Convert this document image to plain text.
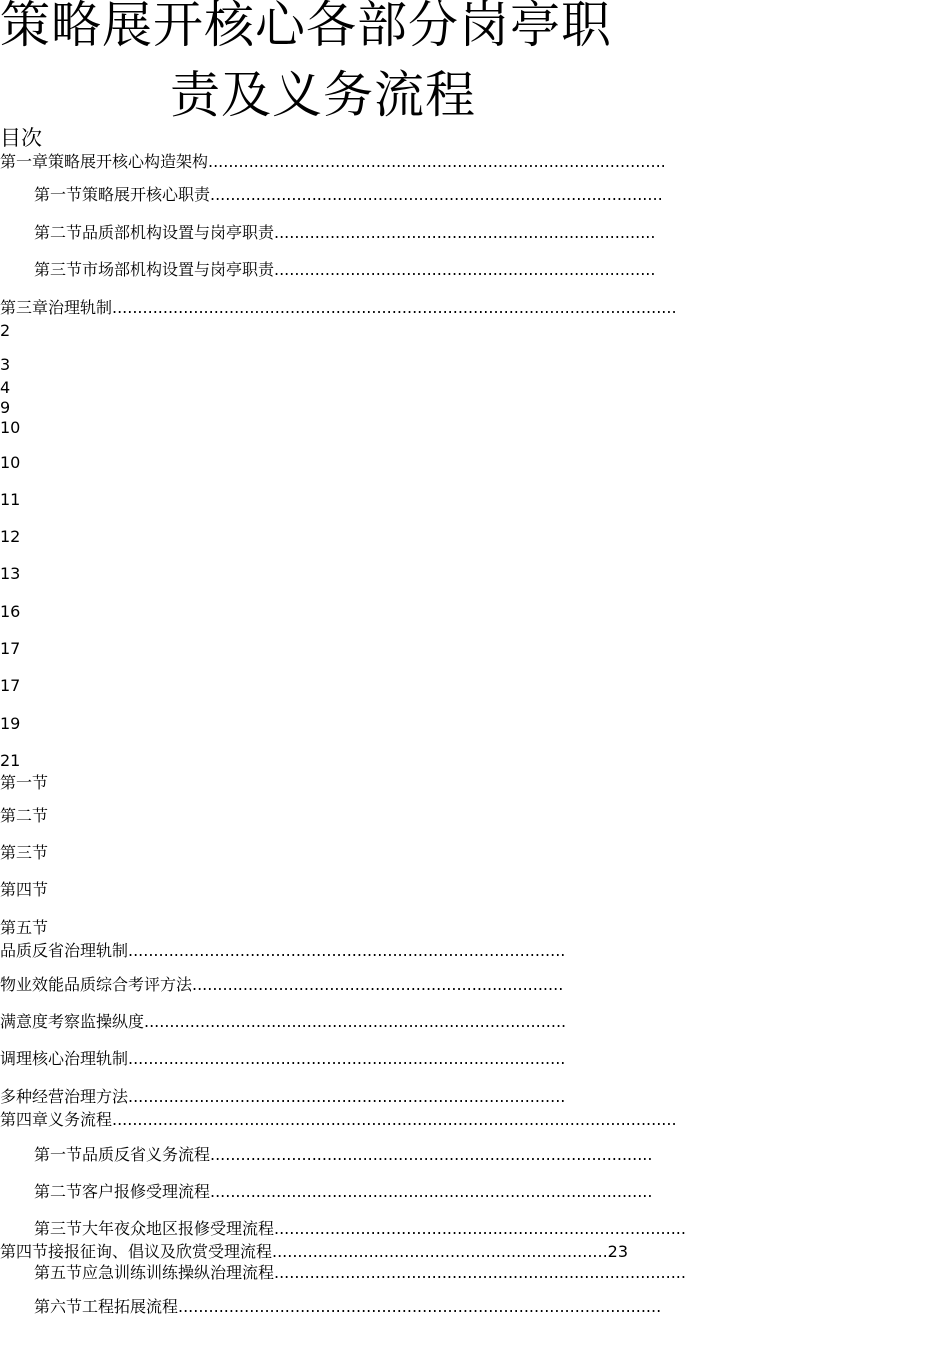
策略展开核心各部分岗亭职
责及义务流程
目次
第一章策略展开核心构造架构..........................................................................................
第一节策略展开核心职责.........................................................................................
第二节品质部机构设置与岗亭职责...........................................................................
第三节市场部机构设置与岗亭职责...........................................................................
第三章治理轨制...............................................................................................................
2
3
4
9
10
10
11
12
13
16
17
17
19
21
第一节
第二节
第三节
第四节
第五节
品质反省治理轨制......................................................................................
物业效能品质综合考评方法.........................................................................
满意度考察监操纵度...................................................................................
调理核心治理轨制......................................................................................
多种经营治理方法......................................................................................
第四章义务流程...............................................................................................................
第一节品质反省义务流程.......................................................................................
第二节客户报修受理流程.......................................................................................
第三节大年夜众地区报修受理流程.................................................................................
第四节接报征询、倡议及欣赏受理流程..................................................................23
第五节应急训练训练操纵治理流程.................................................................................
第六节工程拓展流程...............................................................................................
